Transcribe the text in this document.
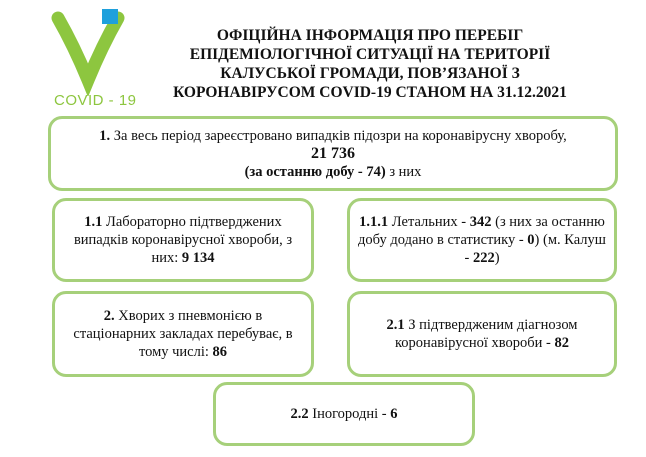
COVID - 19
ОФІЦІЙНА ІНФОРМАЦІЯ ПРО ПЕРЕБІГ
ЕПІДЕМІОЛОГІЧНОЇ СИТУАЦІЇ НА ТЕРИТОРІЇ
КАЛУСЬКОЇ ГРОМАДИ, ПОВ’ЯЗАНОЇ З
КОРОНАВІРУСОМ COVID-19 СТАНОМ НА 31.12.2021
1. За весь період зареєстровано випадків підозри на коронавірусну хворобу,
21 736
(за останню добу - 74) з них
1.1 Лабораторно підтверджених випадків коронавірусної хвороби, з них: 9 134
1.1.1 Летальних - 342 (з них за останню добу додано в статистику - 0) (м. Калуш - 222)
2. Хворих з пневмонією в стаціонарних закладах перебуває, в тому числі: 86
2.1 З підтвердженим діагнозом коронавірусної хвороби - 82
2.2 Іногородні - 6
